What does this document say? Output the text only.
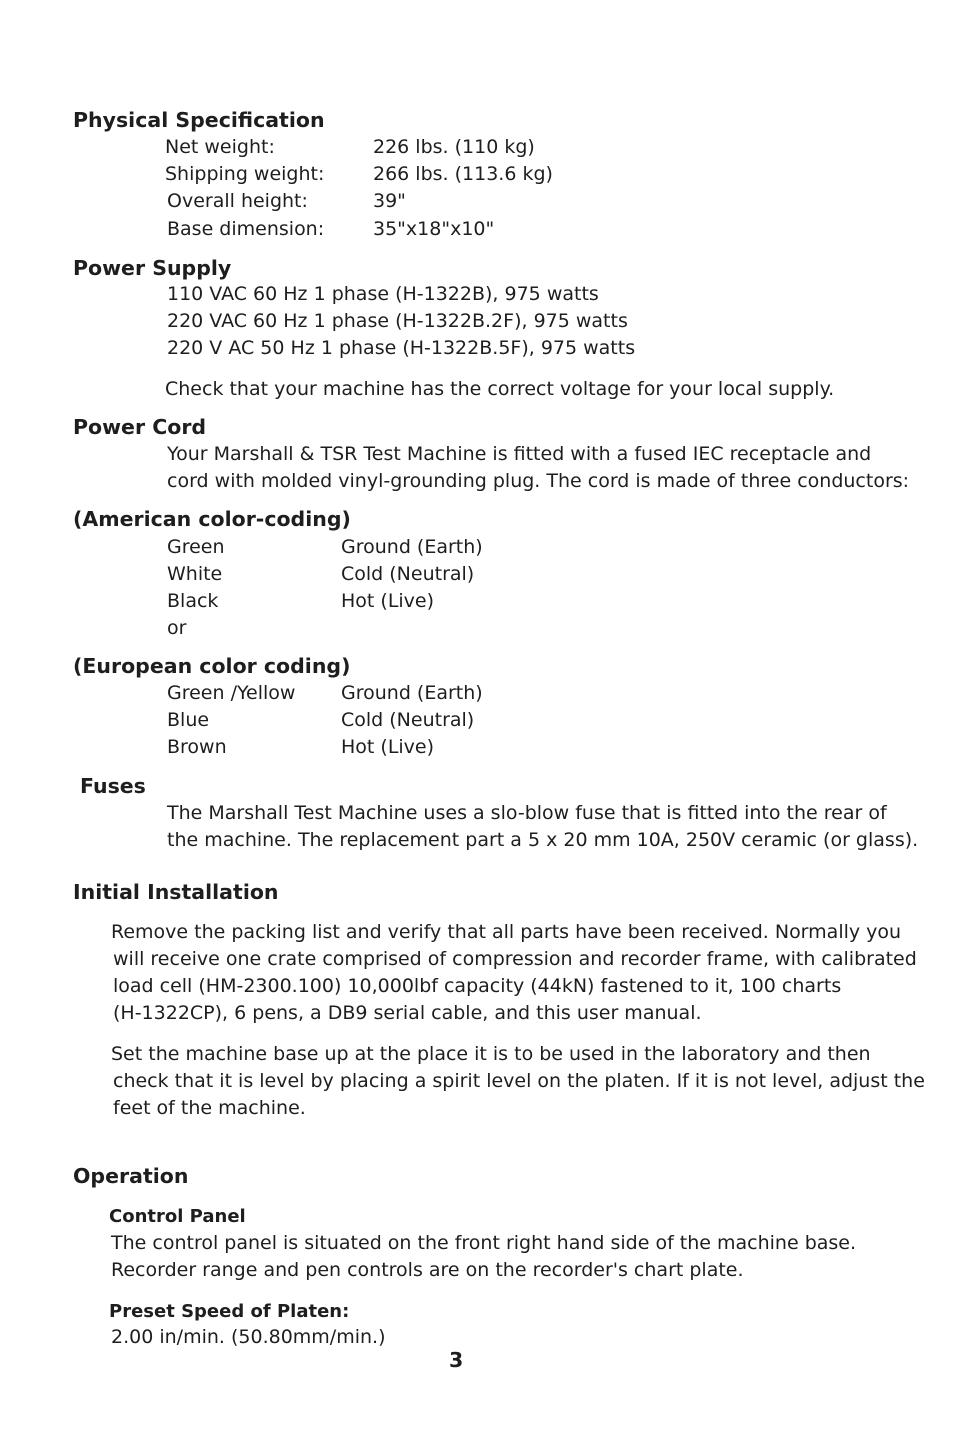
Physical Specification
Net weight:	226 lbs. (110 kg)
Shipping weight:	266 lbs. (113.6 kg)
Overall height:	39"
Base dimension:	35"x18"x10"
Power Supply
110 VAC 60 Hz 1 phase (H-1322B), 975 watts
220 VAC 60 Hz 1 phase (H-1322B.2F), 975 watts
220 V AC 50 Hz 1 phase (H-1322B.5F), 975 watts
Check that your machine has the correct voltage for your local supply.
Power Cord
Your Marshall & TSR Test Machine is fitted with a fused IEC receptacle and
cord with molded vinyl-grounding plug. The cord is made of three conductors:
(American color-coding)
Green	Ground (Earth)
White	Cold (Neutral)
Black	Hot (Live)
or
(European color coding)
Green /Yellow Ground (Earth)
Blue	Cold (Neutral)
Brown	Hot (Live)
Fuses
The Marshall Test Machine uses a slo-blow fuse that is fitted into the rear of
the machine. The replacement part a 5 x 20 mm 10A, 250V ceramic (or glass).
Initial Installation
Remove the packing list and verify that all parts have been received. Normally you
will receive one crate comprised of compression and recorder frame, with calibrated
load cell (HM-2300.100) 10,000lbf capacity (44kN) fastened to it, 100 charts
(H-1322CP), 6 pens, a DB9 serial cable, and this user manual.
Set the machine base up at the place it is to be used in the laboratory and then
check that it is level by placing a spirit level on the platen. If it is not level, adjust the
feet of the machine.
Operation
Control Panel
The control panel is situated on the front right hand side of the machine base.
Recorder range and pen controls are on the recorder's chart plate.
Preset Speed of Platen:
2.00 in/min. (50.80mm/min.)
3
